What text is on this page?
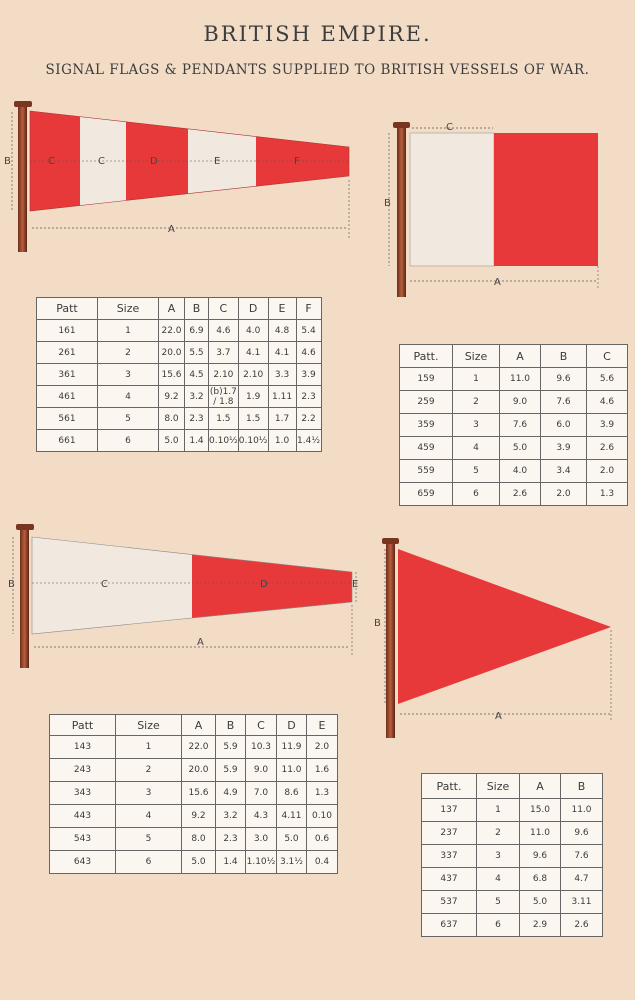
BRITISH EMPIRE.
SIGNAL FLAGS & PENDANTS SUPPLIED TO BRITISH VESSELS OF WAR.
B	C	C	D	E	F
A
C
B
A
B	C	D	E
A
B
A
Patt	Size	A	B	C	D	E	F
161	1	22.0	6.9	4.6	4.0	4.8	5.4
261	2	20.0	5.5	3.7	4.1	4.1	4.6
361	3	15.6	4.5	2.10	2.10	3.3	3.9
461	4	9.2	3.2	(b)1.7 / 1.8	1.9	1.11	2.3
561	5	8.0	2.3	1.5	1.5	1.7	2.2
661	6	5.0	1.4	0.10½	0.10½	1.0	1.4½
Patt.	Size	A	B	C
159	1	11.0	9.6	5.6
259	2	9.0	7.6	4.6
359	3	7.6	6.0	3.9
459	4	5.0	3.9	2.6
559	5	4.0	3.4	2.0
659	6	2.6	2.0	1.3
Patt	Size	A	B	C	D	E
143	1	22.0	5.9	10.3	11.9	2.0
243	2	20.0	5.9	9.0	11.0	1.6
343	3	15.6	4.9	7.0	8.6	1.3
443	4	9.2	3.2	4.3	4.11	0.10
543	5	8.0	2.3	3.0	5.0	0.6
643	6	5.0	1.4	1.10½	3.1½	0.4
Patt.	Size	A	B
137	1	15.0	11.0
237	2	11.0	9.6
337	3	9.6	7.6
437	4	6.8	4.7
537	5	5.0	3.11
637	6	2.9	2.6
